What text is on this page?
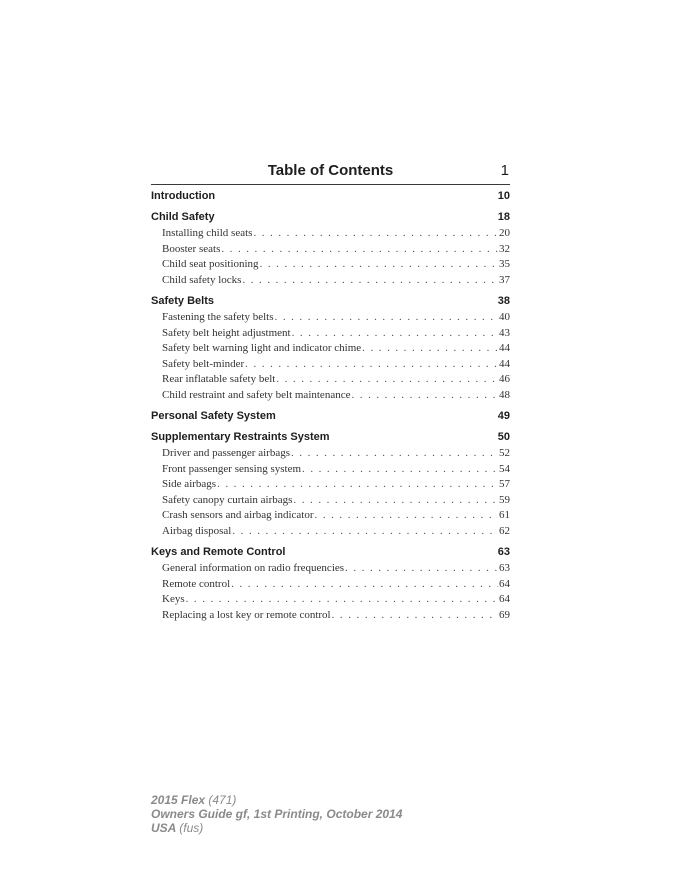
Table of Contents	1
Introduction	10
Child Safety	18
Installing child seats . . .	20
Booster seats . . .	32
Child seat positioning . . .	35
Child safety locks . . .	37
Safety Belts	38
Fastening the safety belts . . .	40
Safety belt height adjustment . . .	43
Safety belt warning light and indicator chime . . .	44
Safety belt-minder . . .	44
Rear inflatable safety belt . . .	46
Child restraint and safety belt maintenance . . .	48
Personal Safety System	49
Supplementary Restraints System	50
Driver and passenger airbags . . .	52
Front passenger sensing system . . .	54
Side airbags . . .	57
Safety canopy curtain airbags . . .	59
Crash sensors and airbag indicator . . .	61
Airbag disposal . . .	62
Keys and Remote Control	63
General information on radio frequencies . . .	63
Remote control . . .	64
Keys . . .	64
Replacing a lost key or remote control . . .	69
2015 Flex (471)
Owners Guide gf, 1st Printing, October 2014
USA (fus)
